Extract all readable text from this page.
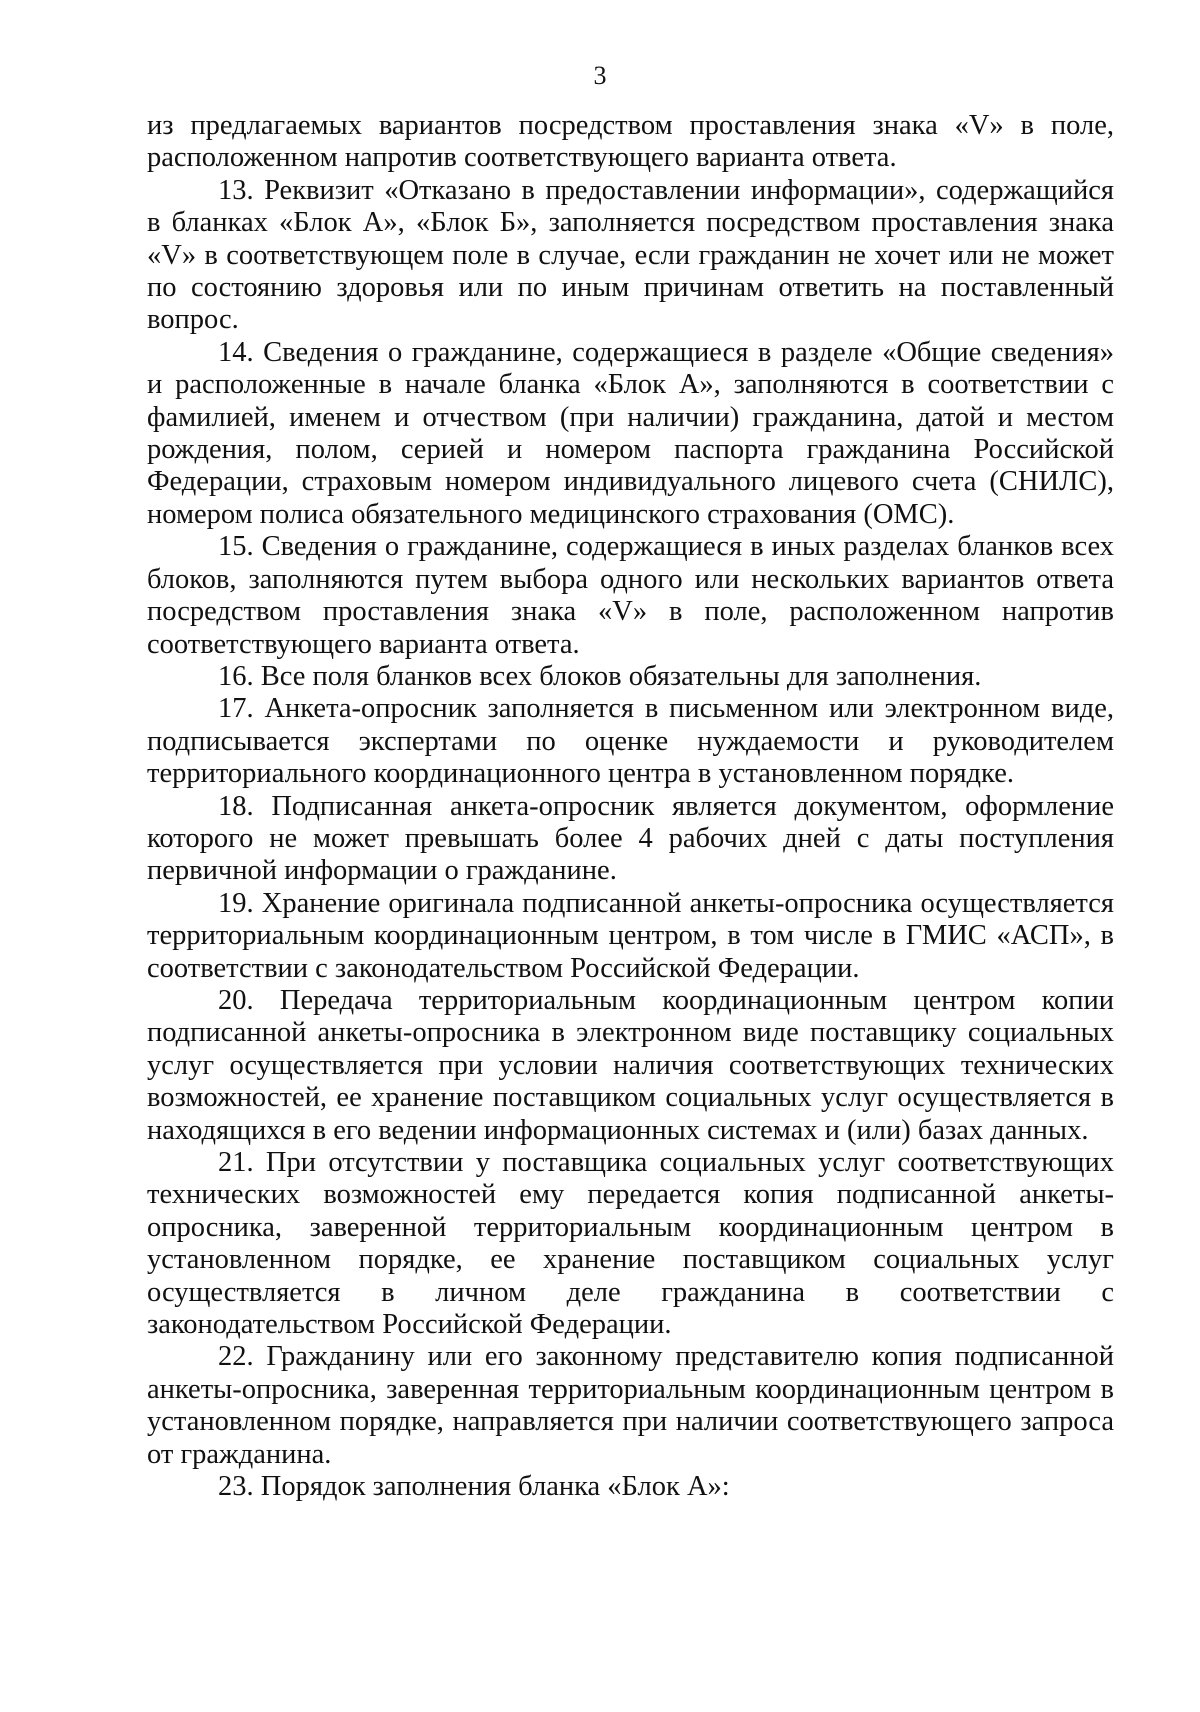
3

из предлагаемых вариантов посредством проставления знака «V» в поле, расположенном напротив соответствующего варианта ответа.

13. Реквизит «Отказано в предоставлении информации», содержащийся в бланках «Блок А», «Блок Б», заполняется посредством проставления знака «V» в соответствующем поле в случае, если гражданин не хочет или не может по состоянию здоровья или по иным причинам ответить на поставленный вопрос.

14. Сведения о гражданине, содержащиеся в разделе «Общие сведения» и расположенные в начале бланка «Блок А», заполняются в соответствии с фамилией, именем и отчеством (при наличии) гражданина, датой и местом рождения, полом, серией и номером паспорта гражданина Российской Федерации, страховым номером индивидуального лицевого счета (СНИЛС), номером полиса обязательного медицинского страхования (ОМС).

15. Сведения о гражданине, содержащиеся в иных разделах бланков всех блоков, заполняются путем выбора одного или нескольких вариантов ответа посредством проставления знака «V» в поле, расположенном напротив соответствующего варианта ответа.

16. Все поля бланков всех блоков обязательны для заполнения.

17. Анкета-опросник заполняется в письменном или электронном виде, подписывается экспертами по оценке нуждаемости и руководителем территориального координационного центра в установленном порядке.

18. Подписанная анкета-опросник является документом, оформление которого не может превышать более 4 рабочих дней с даты поступления первичной информации о гражданине.

19. Хранение оригинала подписанной анкеты-опросника осуществляется территориальным координационным центром, в том числе в ГМИС «АСП», в соответствии с законодательством Российской Федерации.

20. Передача территориальным координационным центром копии подписанной анкеты-опросника в электронном виде поставщику социальных услуг осуществляется при условии наличия соответствующих технических возможностей, ее хранение поставщиком социальных услуг осуществляется в находящихся в его ведении информационных системах и (или) базах данных.

21. При отсутствии у поставщика социальных услуг соответствующих технических возможностей ему передается копия подписанной анкеты-опросника, заверенной территориальным координационным центром в установленном порядке, ее хранение поставщиком социальных услуг осуществляется в личном деле гражданина в соответствии с законодательством Российской Федерации.

22. Гражданину или его законному представителю копия подписанной анкеты-опросника, заверенная территориальным координационным центром в установленном порядке, направляется при наличии соответствующего запроса от гражданина.

23. Порядок заполнения бланка «Блок А»:
